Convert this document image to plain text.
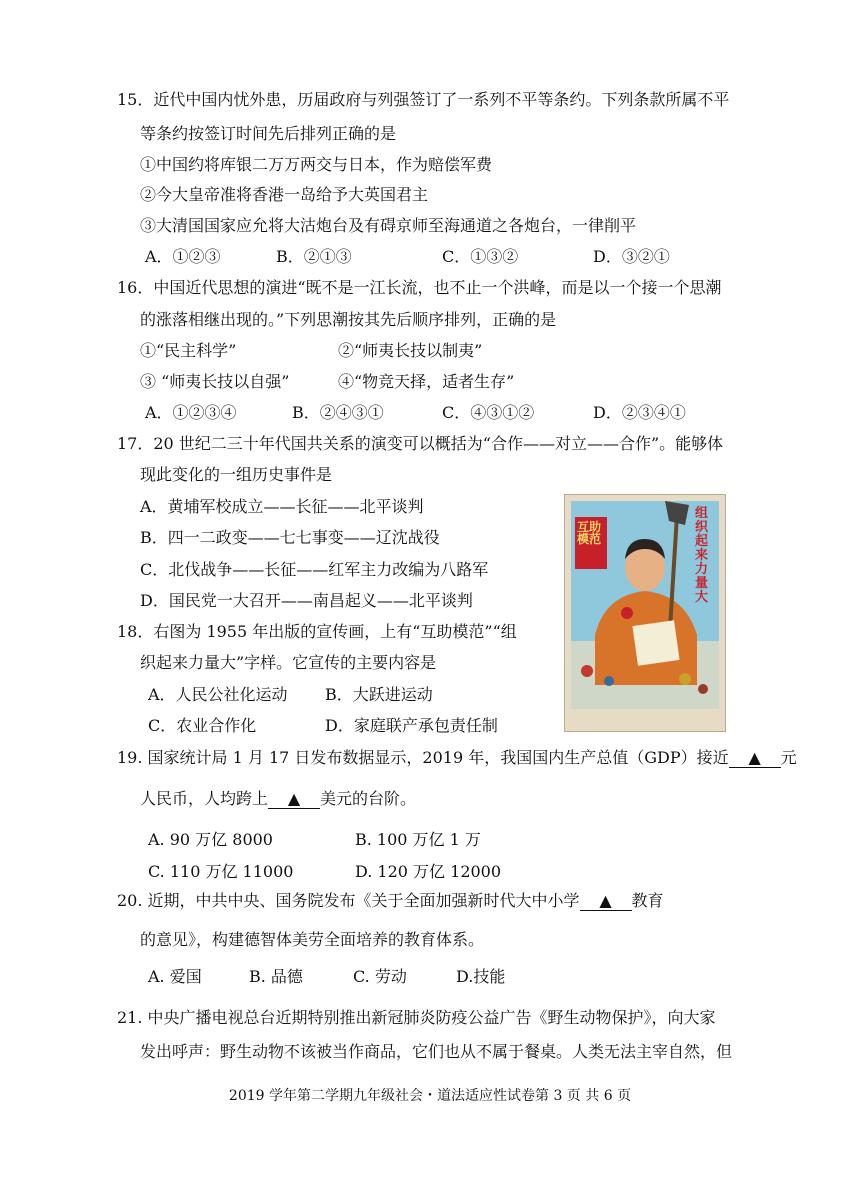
15．近代中国内忧外患，历届政府与列强签订了一系列不平等条约。下列条款所属不平
等条约按签订时间先后排列正确的是
①中国约将库银二万万两交与日本，作为赔偿军费
②今大皇帝准将香港一岛给予大英国君主
③大清国国家应允将大沽炮台及有碍京师至海通道之各炮台，一律削平
A．①②③	B．②①③	C．①③②	D．③②①
16．中国近代思想的演进“既不是一江长流，也不止一个洪峰，而是以一个接一个思潮
的涨落相继出现的。”下列思潮按其先后顺序排列，正确的是
①“民主科学”	②“师夷长技以制夷”
③ “师夷长技以自强”	④“物竞天择，适者生存”
A．①②③④	B．②④③①	C．④③①②	D．②③④①
17．20 世纪二三十年代国共关系的演变可以概括为“合作——对立——合作”。能够体
现此变化的一组历史事件是
A．黄埔军校成立——长征——北平谈判
B．四一二政变——七七事变——辽沈战役
C．北伐战争——长征——红军主力改编为八路军
D．国民党一大召开——南昌起义——北平谈判
互助模范
组织起来力量大
18．右图为 1955 年出版的宣传画，上有“互助模范”“组
织起来力量大”字样。它宣传的主要内容是
A．人民公社化运动 B．大跃进运动
C．农业合作化	D．家庭联产承包责任制
19. 国家统计局 1 月 17 日发布数据显示，2019 年，我国国内生产总值（GDP）接近 ▲ 元
人民币，人均跨上 ▲ 美元的台阶。
A. 90 万亿 8000	B. 100 万亿 1 万
C. 110 万亿 11000	D. 120 万亿 12000
20. 近期，中共中央、国务院发布《关于全面加强新时代大中小学 ▲ 教育
的意见》，构建德智体美劳全面培养的教育体系。
A. 爱国	B. 品德	C. 劳动	D.技能
21. 中央广播电视总台近期特别推出新冠肺炎防疫公益广告《野生动物保护》，向大家
发出呼声：野生动物不该被当作商品，它们也从不属于餐桌。人类无法主宰自然，但
2019 学年第二学期九年级社会・道法适应性试卷第 3 页 共 6 页
